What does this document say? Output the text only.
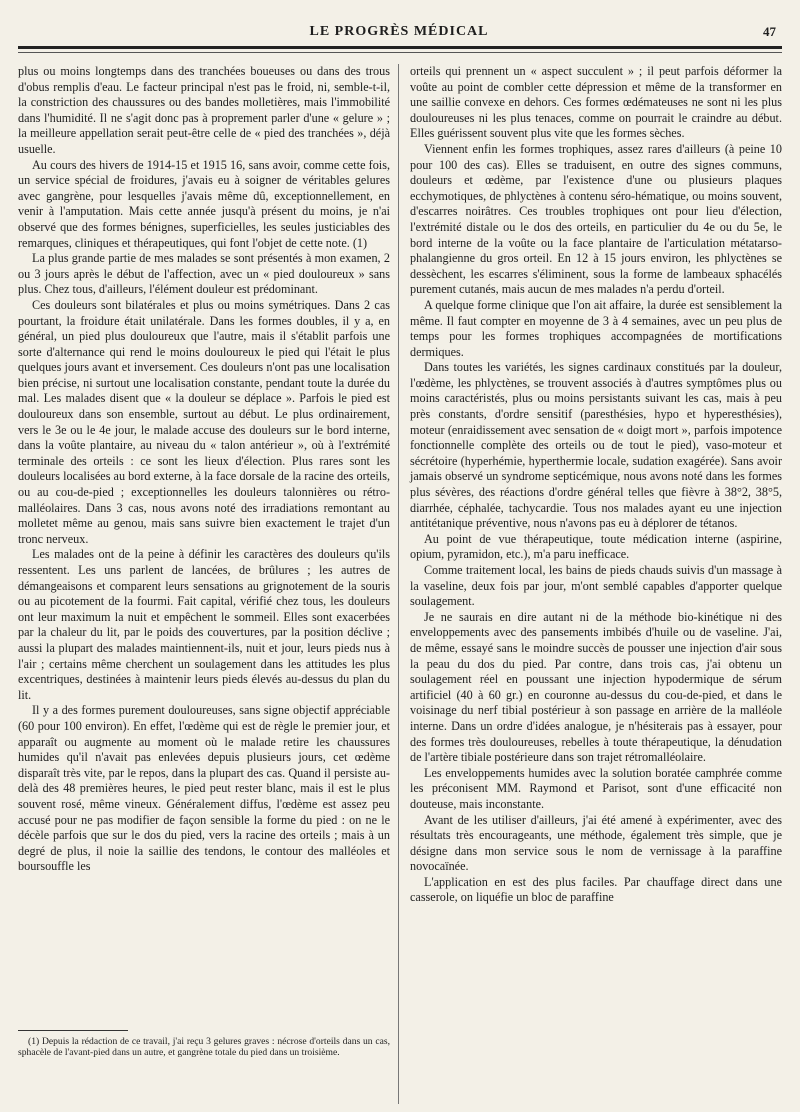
LE PROGRÈS MÉDICAL	47

plus ou moins longtemps dans des tranchées boueuses ou dans des trous d'obus remplis d'eau. Le facteur principal n'est pas le froid, ni, semble-t-il, la constriction des chaussures ou des bandes molletières, mais l'immobilité dans l'humidité. Il ne s'agit donc pas à proprement parler d'une « gelure » ; la meilleure appellation serait peut-être celle de « pied des tranchées », déjà usuelle.

Au cours des hivers de 1914-15 et 1915 16, sans avoir, comme cette fois, un service spécial de froidures, j'avais eu à soigner de véritables gelures avec gangrène, pour lesquelles j'avais même dû, exceptionnellement, en venir à l'amputation. Mais cette année jusqu'à présent du moins, je n'ai observé que des formes bénignes, superficielles, les seules justiciables des remarques, cliniques et thérapeutiques, qui font l'objet de cette note. (1)

La plus grande partie de mes malades se sont présentés à mon examen, 2 ou 3 jours après le début de l'affection, avec un « pied douloureux » sans plus. Chez tous, d'ailleurs, l'élément douleur est prédominant.

Ces douleurs sont bilatérales et plus ou moins symétriques. Dans 2 cas pourtant, la froidure était unilatérale. Dans les formes doubles, il y a, en général, un pied plus douloureux que l'autre, mais il s'établit parfois une sorte d'alternance qui rend le moins douloureux le pied qui l'était le plus quelques jours avant et inversement. Ces douleurs n'ont pas une localisation bien précise, ni surtout une localisation constante, pendant toute la durée du mal. Les malades disent que « la douleur se déplace ». Parfois le pied est douloureux dans son ensemble, surtout au début. Le plus ordinairement, vers le 3e ou le 4e jour, le malade accuse des douleurs sur le bord interne, dans la voûte plantaire, au niveau du « talon antérieur », où à l'extrémité terminale des orteils : ce sont les lieux d'élection. Plus rares sont les douleurs localisées au bord externe, à la face dorsale de la racine des orteils, ou au cou-de-pied ; exceptionnelles les douleurs talonnières ou rétro-malléolaires. Dans 3 cas, nous avons noté des irradiations remontant au molletet même au genou, mais sans suivre bien exactement le trajet d'un tronc nerveux.

Les malades ont de la peine à définir les caractères des douleurs qu'ils ressentent. Les uns parlent de lancées, de brûlures ; les autres de démangeaisons et comparent leurs sensations au grignotement de la souris ou au picotement de la fourmi. Fait capital, vérifié chez tous, les douleurs ont leur maximum la nuit et empêchent le sommeil. Elles sont exacerbées par la chaleur du lit, par le poids des couvertures, par la position déclive ; aussi la plupart des malades maintiennent-ils, nuit et jour, leurs pieds nus à l'air ; certains même cherchent un soulagement dans les attitudes les plus excentriques, destinées à maintenir leurs pieds élevés au-dessus du plan du lit.

Il y a des formes purement douloureuses, sans signe objectif appréciable (60 pour 100 environ). En effet, l'œdème qui est de règle le premier jour, et apparaît ou augmente au moment où le malade retire les chaussures humides qu'il n'avait pas enlevées depuis plusieurs jours, cet œdème disparaît très vite, par le repos, dans la plupart des cas. Quand il persiste au-delà des 48 premières heures, le pied peut rester blanc, mais il est le plus souvent rosé, même vineux. Généralement diffus, l'œdème est assez peu accusé pour ne pas modifier de façon sensible la forme du pied : on ne le décèle parfois que sur le dos du pied, vers la racine des orteils ; mais à un degré de plus, il noie la saillie des tendons, le contour des malléoles et boursouffle les

orteils qui prennent un « aspect succulent » ; il peut parfois déformer la voûte au point de combler cette dépression et même de la transformer en une saillie convexe en dehors. Ces formes œdémateuses ne sont ni les plus douloureuses ni les plus tenaces, comme on pourrait le craindre au début. Elles guérissent souvent plus vite que les formes sèches.

Viennent enfin les formes trophiques, assez rares d'ailleurs (à peine 10 pour 100 des cas). Elles se traduisent, en outre des signes communs, douleurs et œdème, par l'existence d'une ou plusieurs plaques ecchymotiques, de phlyctènes à contenu séro-hématique, ou moins souvent, d'escarres noirâtres. Ces troubles trophiques ont pour lieu d'élection, l'extrémité distale ou le dos des orteils, en particulier du 4e ou du 5e, le bord interne de la voûte ou la face plantaire de l'articulation métatarso-phalangienne du gros orteil. En 12 à 15 jours environ, les phlyctènes se dessèchent, les escarres s'éliminent, sous la forme de lambeaux sphacélés purement cutanés, mais aucun de mes malades n'a perdu d'orteil.

A quelque forme clinique que l'on ait affaire, la durée est sensiblement la même. Il faut compter en moyenne de 3 à 4 semaines, avec un peu plus de temps pour les formes trophiques accompagnées de mortifications dermiques.

Dans toutes les variétés, les signes cardinaux constitués par la douleur, l'œdème, les phlyctènes, se trouvent associés à d'autres symptômes plus ou moins caractéristés, plus ou moins persistants suivant les cas, mais à peu près constants, d'ordre sensitif (paresthésies, hypo et hyperesthésies), moteur (enraidissement avec sensation de « doigt mort », parfois impotence fonctionnelle complète des orteils ou de tout le pied), vaso-moteur et sécrétoire (hyperhémie, hyperthermie locale, sudation exagérée). Sans avoir jamais observé un syndrome septicémique, nous avons noté dans les formes plus sévères, des réactions d'ordre général telles que fièvre à 38°2, 38°5, diarrhée, céphalée, tachycardie. Tous nos malades ayant eu une injection antitétanique préventive, nous n'avons pas eu à déplorer de tétanos.

Au point de vue thérapeutique, toute médication interne (aspirine, opium, pyramidon, etc.), m'a paru inefficace.

Comme traitement local, les bains de pieds chauds suivis d'un massage à la vaseline, deux fois par jour, m'ont semblé capables d'apporter quelque soulagement.

Je ne saurais en dire autant ni de la méthode bio-kinétique ni des enveloppements avec des pansements imbibés d'huile ou de vaseline. J'ai, de même, essayé sans le moindre succès de pousser une injection d'air sous la peau du dos du pied. Par contre, dans trois cas, j'ai obtenu un soulagement réel en poussant une injection hypodermique de sérum artificiel (40 à 60 gr.) en couronne au-dessus du cou-de-pied, et dans le voisinage du nerf tibial postérieur à son passage en arrière de la malléole interne. Dans un ordre d'idées analogue, je n'hésiterais pas à essayer, pour des formes très douloureuses, rebelles à toute thérapeutique, la dénudation de l'artère tibiale postérieure dans son trajet rétromalléolaire.

Les enveloppements humides avec la solution boratée camphrée comme les préconisent MM. Raymond et Parisot, sont d'une efficacité non douteuse, mais inconstante.

Avant de les utiliser d'ailleurs, j'ai été amené à expérimenter, avec des résultats très encourageants, une méthode, également très simple, que je désigne dans mon service sous le nom de vernissage à la paraffine novocaïnée.

L'application en est des plus faciles. Par chauffage direct dans une casserole, on liquéfie un bloc de paraffine

(1) Depuis la rédaction de ce travail, j'ai reçu 3 gelures graves : nécrose d'orteils dans un cas, sphacèle de l'avant-pied dans un autre, et gangrène totale du pied dans un troisième.
